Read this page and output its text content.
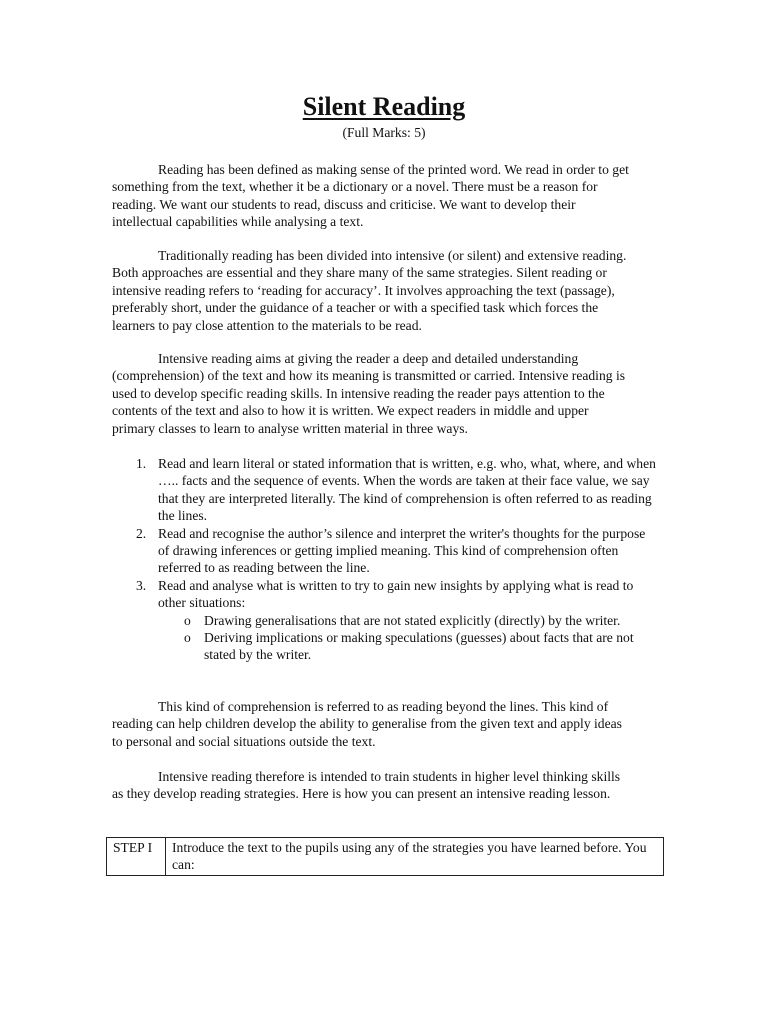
Silent Reading
(Full Marks: 5)

Reading has been defined as making sense of the printed word. We read in order to get something from the text, whether it be a dictionary or a novel. There must be a reason for reading. We want our students to read, discuss and criticise. We want to develop their intellectual capabilities while analysing a text.

Traditionally reading has been divided into intensive (or silent) and extensive reading. Both approaches are essential and they share many of the same strategies. Silent reading or intensive reading refers to ‘reading for accuracy’. It involves approaching the text (passage), preferably short, under the guidance of a teacher or with a specified task which forces the learners to pay close attention to the materials to be read.

Intensive reading aims at giving the reader a deep and detailed understanding (comprehension) of the text and how its meaning is transmitted or carried. Intensive reading is used to develop specific reading skills. In intensive reading the reader pays attention to the contents of the text and also to how it is written. We expect readers in middle and upper primary classes to learn to analyse written material in three ways.

1. Read and learn literal or stated information that is written, e.g. who, what, where, and when ….. facts and the sequence of events. When the words are taken at their face value, we say that they are interpreted literally. The kind of comprehension is often referred to as reading the lines.
2. Read and recognise the author’s silence and interpret the writer's thoughts for the purpose of drawing inferences or getting implied meaning. This kind of comprehension often referred to as reading between the line.
3. Read and analyse what is written to try to gain new insights by applying what is read to other situations:
o Drawing generalisations that are not stated explicitly (directly) by the writer.
o Deriving implications or making speculations (guesses) about facts that are not stated by the writer.

This kind of comprehension is referred to as reading beyond the lines. This kind of reading can help children develop the ability to generalise from the given text and apply ideas to personal and social situations outside the text.

Intensive reading therefore is intended to train students in higher level thinking skills as they develop reading strategies. Here is how you can present an intensive reading lesson.

STEP I	Introduce the text to the pupils using any of the strategies you have learned before. You can:
